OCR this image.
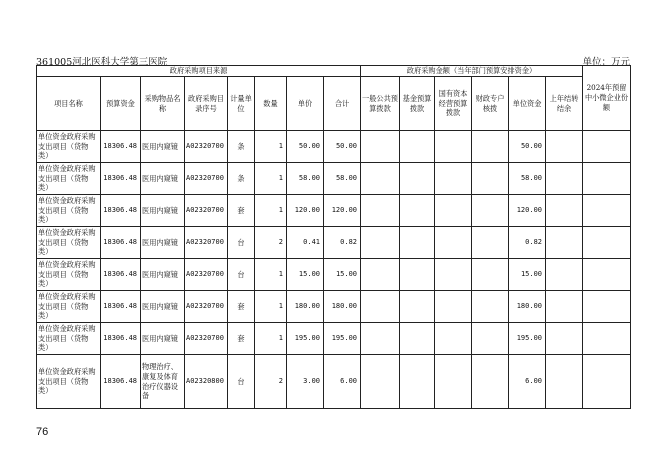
361005河北医科大学第三医院	单位：万元
政府采购项目来源								政府采购金额（当年部门预算安排资金）						2024年预留中小微企业份额
项目名称	预算资金	采购物品名称	政府采购目录序号	计量单位	数量	单价	合计	一般公共预算拨款	基金预算拨款	国有资本经营预算拨款	财政专户核拨	单位资金	上年结转结余	
单位资金政府采购支出项目（货物类）	18306.48	医用内窥镜	A02320700	条	1	50.00	50.00					50.00		
单位资金政府采购支出项目（货物类）	18306.48	医用内窥镜	A02320700	条	1	58.00	58.00					58.00		
单位资金政府采购支出项目（货物类）	18306.48	医用内窥镜	A02320700	套	1	120.00	120.00					120.00		
单位资金政府采购支出项目（货物类）	18306.48	医用内窥镜	A02320700	台	2	0.41	0.82					0.82		
单位资金政府采购支出项目（货物类）	18306.48	医用内窥镜	A02320700	台	1	15.00	15.00					15.00		
单位资金政府采购支出项目（货物类）	18306.48	医用内窥镜	A02320700	套	1	180.00	180.00					180.00		
单位资金政府采购支出项目（货物类）	18306.48	医用内窥镜	A02320700	套	1	195.00	195.00					195.00		
单位资金政府采购支出项目（货物类）	18306.48	物理治疗、康复及体育治疗仪器设备	A02320800	台	2	3.00	6.00					6.00		
76
